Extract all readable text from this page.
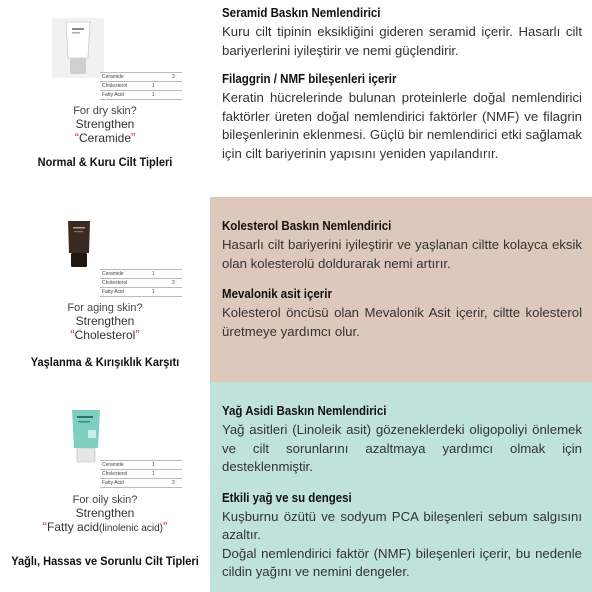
Ceramide	3
Cholesterol	1
Fatty Acid	1
For dry skin?
Strengthen
“Ceramide”
Normal & Kuru Cilt Tipleri
Seramid Baskın Nemlendirici
Kuru cilt tipinin eksikliğini gideren seramid içerir. Hasarlı cilt bariyerlerini iyileştirir ve nemi güçlendirir.
Filaggrin / NMF bileşenleri içerir
Keratin hücrelerinde bulunan proteinlerle doğal nemlendirici faktörler üreten doğal nemlendirici faktörler (NMF) ve filagrin bileşenlerinin eklenmesi. Güçlü bir nemlendirici etki sağlamak için cilt bariyerinin yapısını yeniden yapılandırır.
Ceramide	1
Cholesterol	3
Fatty Acid	1
For aging skin?
Strengthen
“Cholesterol”
Yaşlanma & Kırışıklık Karşıtı
Kolesterol Baskın Nemlendirici
Hasarlı cilt bariyerini iyileştirir ve yaşlanan ciltte kolayca eksik olan kolesterolü doldurarak nemi artırır.
Mevalonik asit içerir
Kolesterol öncüsü olan Mevalonik Asit içerir, ciltte kolesterol üretmeye yardımcı olur.
Ceramide	1
Cholesterol	1
Fatty Acid	3
For oily skin?
Strengthen
“Fatty acid(linolenic acid)”
Yağlı, Hassas ve Sorunlu Cilt Tipleri
Yağ Asidi Baskın Nemlendirici
Yağ asitleri (Linoleik asit) gözeneklerdeki oligopoliyi önlemek ve cilt sorunlarını azaltmaya yardımcı olmak için desteklenmiştir.
Etkili yağ ve su dengesi
Kuşburnu özütü ve sodyum PCA bileşenleri sebum salgısını azaltır.
Doğal nemlendirici faktör (NMF) bileşenleri içerir, bu nedenle cildin yağını ve nemini dengeler.
